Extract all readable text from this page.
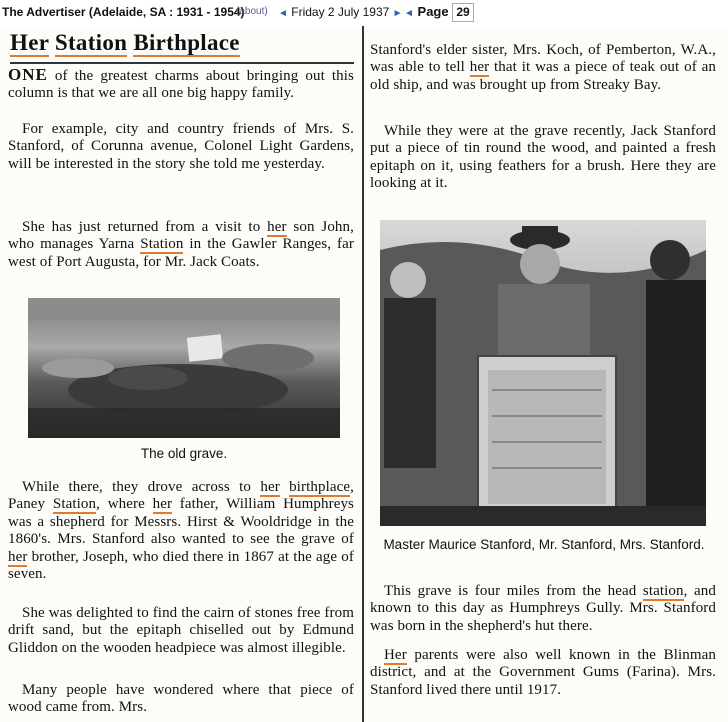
The Advertiser (Adelaide, SA : 1931 - 1954)
(about) ◄ Friday 2 July 1937 ► ◄ Page 29
Her Station Birthplace
ONE of the greatest charms about bringing out this column is that we are all one big happy family.
For example, city and country friends of Mrs. S. Stanford, of Corunna avenue, Colonel Light Gardens, will be interested in the story she told me yesterday.
She has just returned from a visit to her son John, who manages Yarna Station in the Gawler Ranges, far west of Port Augusta, for Mr. Jack Coats.
The old grave.
While there, they drove across to her birthplace, Paney Station, where her father, William Humphreys was a shepherd for Messrs. Hirst & Wooldridge in the 1860's. Mrs. Stanford also wanted to see the grave of her brother, Joseph, who died there in 1867 at the age of seven.
She was delighted to find the cairn of stones free from drift sand, but the epitaph chiselled out by Edmund Gliddon on the wooden headpiece was almost illegible.
Many people have wondered where that piece of wood came from. Mrs.
Stanford's elder sister, Mrs. Koch, of Pemberton, W.A., was able to tell her that it was a piece of teak out of an old ship, and was brought up from Streaky Bay.
While they were at the grave recently, Jack Stanford put a piece of tin round the wood, and painted a fresh epitaph on it, using feathers for a brush. Here they are looking at it.
Master Maurice Stanford, Mr. Stanford, Mrs. Stanford.
This grave is four miles from the head station, and known to this day as Humphreys Gully. Mrs. Stanford was born in the shepherd's hut there.
Her parents were also well known in the Blinman district, and at the Government Gums (Farina). Mrs. Stanford lived there until 1917.
